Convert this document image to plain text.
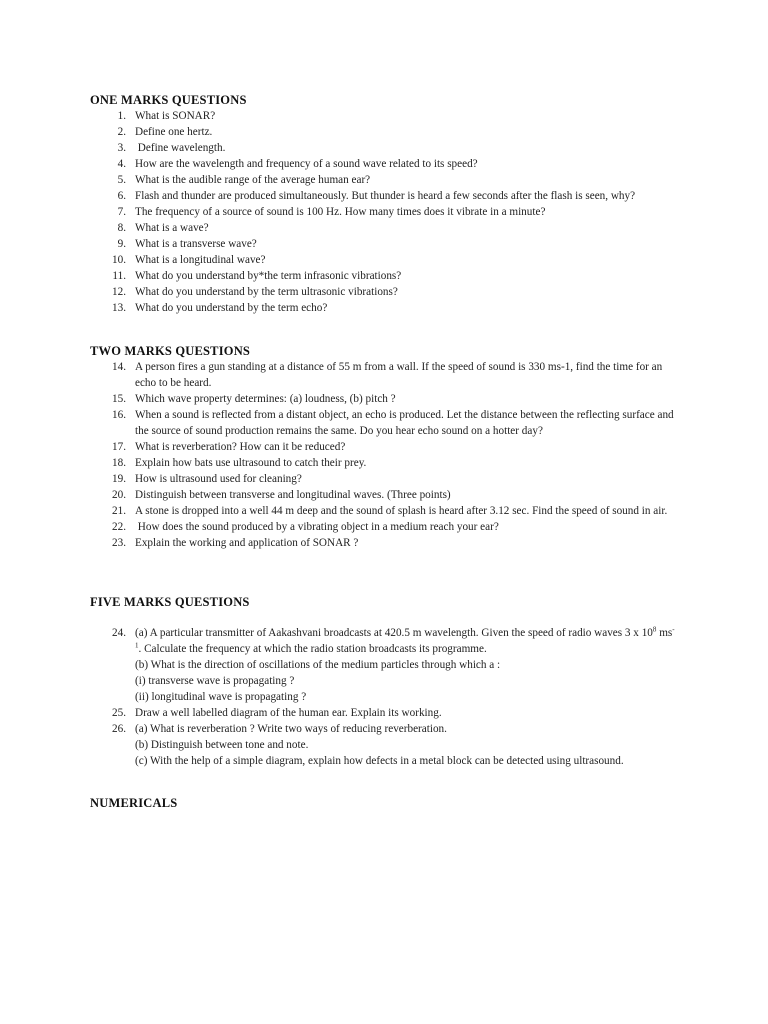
ONE MARKS QUESTIONS
1. What is SONAR?
2. Define one hertz.
3. Define wavelength.
4. How are the wavelength and frequency of a sound wave related to its speed?
5. What is the audible range of the average human ear?
6. Flash and thunder are produced simultaneously. But thunder is heard a few seconds after the flash is seen, why?
7. The frequency of a source of sound is 100 Hz. How many times does it vibrate in a minute?
8. What is a wave?
9. What is a transverse wave?
10. What is a longitudinal wave?
11. What do you understand by*the term infrasonic vibrations?
12. What do you understand by the term ultrasonic vibrations?
13. What do you understand by the term echo?
TWO MARKS QUESTIONS
14. A person fires a gun standing at a distance of 55 m from a wall. If the speed of sound is 330 ms-1, find the time for an echo to be heard.
15. Which wave property determines: (a) loudness, (b) pitch ?
16. When a sound is reflected from a distant object, an echo is produced. Let the distance between the reflecting surface and the source of sound production remains the same. Do you hear echo sound on a hotter day?
17. What is reverberation? How can it be reduced?
18. Explain how bats use ultrasound to catch their prey.
19. How is ultrasound used for cleaning?
20. Distinguish between transverse and longitudinal waves. (Three points)
21. A stone is dropped into a well 44 m deep and the sound of splash is heard after 3.12 sec. Find the speed of sound in air.
22. How does the sound produced by a vibrating object in a medium reach your ear?
23. Explain the working and application of SONAR ?
FIVE MARKS QUESTIONS
24. (a) A particular transmitter of Aakashvani broadcasts at 420.5 m wavelength. Given the speed of radio waves 3 x $10^8$ $ms^{-1}$. Calculate the frequency at which the radio station broadcasts its programme.
(b) What is the direction of oscillations of the medium particles through which a :
(i) transverse wave is propagating ?
(ii) longitudinal wave is propagating ?
25. Draw a well labelled diagram of the human ear. Explain its working.
26. (a) What is reverberation ? Write two ways of reducing reverberation.
(b) Distinguish between tone and note.
(c) With the help of a simple diagram, explain how defects in a metal block can be detected using ultrasound.
NUMERICALS
